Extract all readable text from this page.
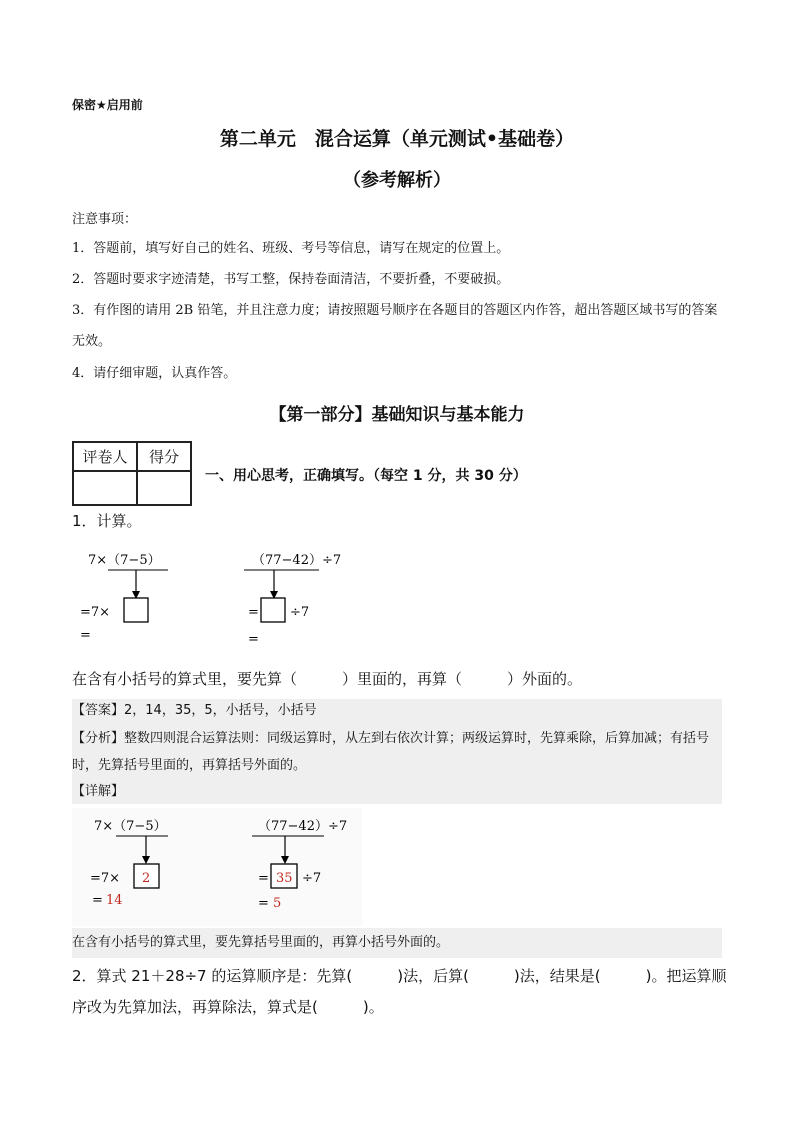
保密★启用前
第二单元　混合运算（单元测试•基础卷）
（参考解析）
注意事项：
1．答题前，填写好自己的姓名、班级、考号等信息，请写在规定的位置上。
2．答题时要求字迹清楚，书写工整，保持卷面清洁，不要折叠，不要破损。
3．有作图的请用 2B 铅笔，并且注意力度；请按照题号顺序在各题目的答题区内作答，超出答题区域书写的答案无效。
4．请仔细审题，认真作答。
【第一部分】基础知识与基本能力
评卷人	得分

一、用心思考，正确填写。（每空 1 分，共 30 分）
1．计算。
7×（7−5）
=7×
=
（77−42）÷7
= ÷7
=
在含有小括号的算式里，要先算（　　　）里面的，再算（　　　）外面的。
【答案】2，14，35，5，小括号，小括号
【分析】整数四则混合运算法则：同级运算时，从左到右依次计算；两级运算时，先算乘除，后算加减；有括号时，先算括号里面的，再算括号外面的。
【详解】
7×（7−5）
=7× 2
= 14
（77−42）÷7
= 35 ÷7
= 5
在含有小括号的算式里，要先算括号里面的，再算小括号外面的。
2．算式 21＋28÷7 的运算顺序是：先算(　　　)法，后算(　　　)法，结果是(　　　)。把运算顺序改为先算加法，再算除法，算式是(　　　)。
